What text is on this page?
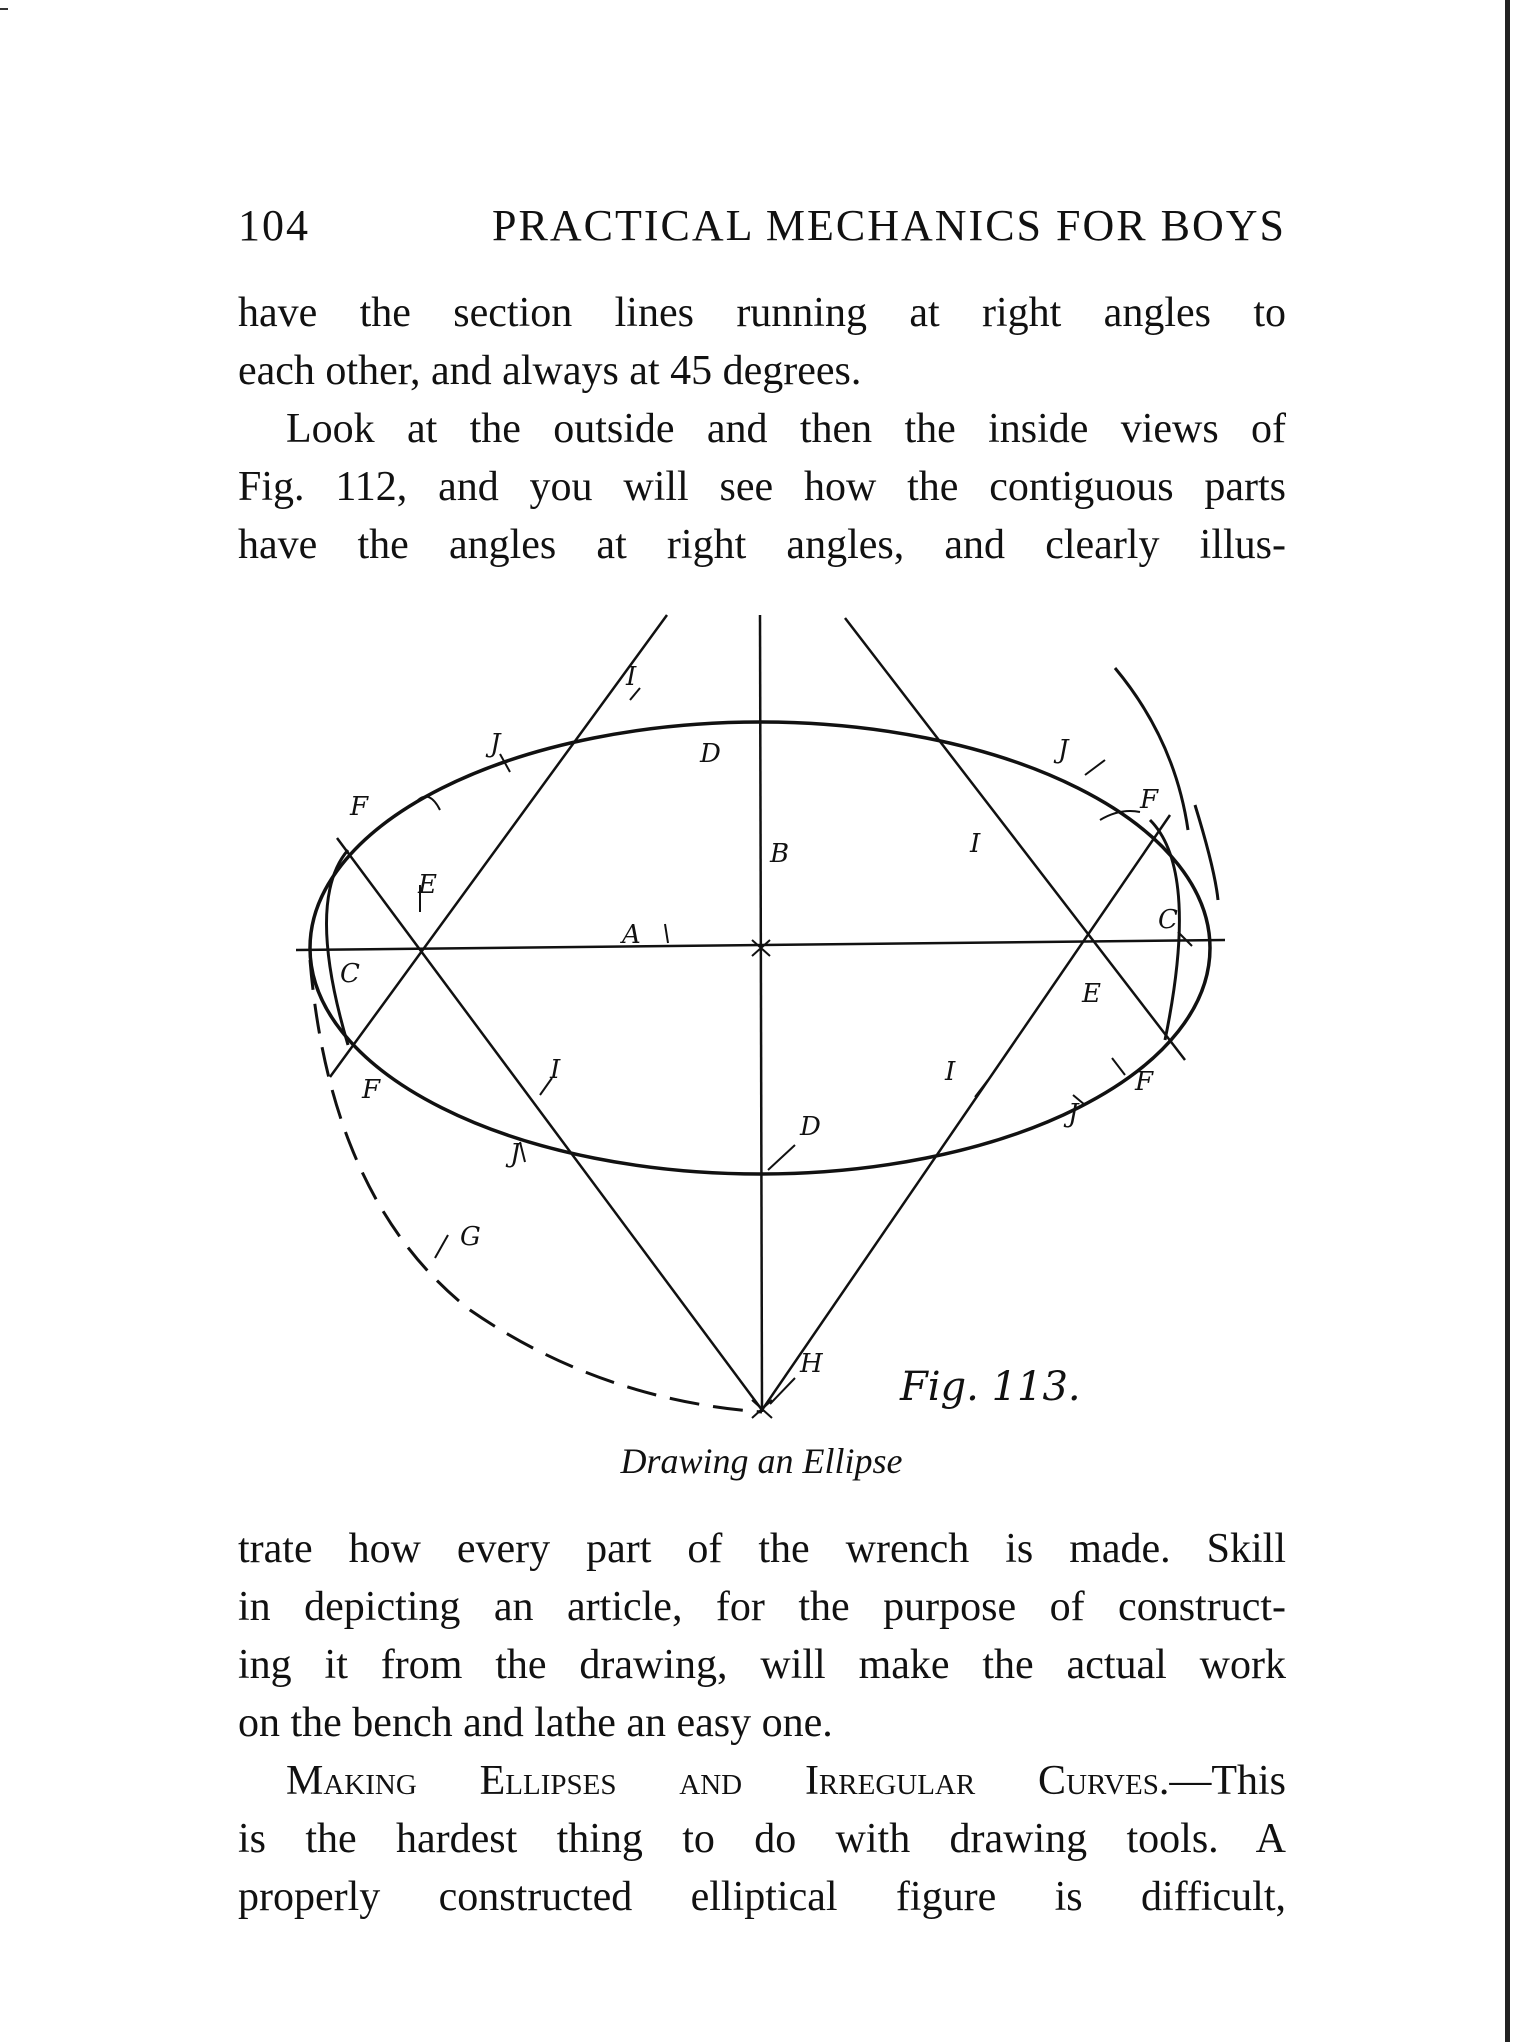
104	PRACTICAL MECHANICS FOR BOYS

have the section lines running at right angles to

each other, and always at 45 degrees.

Look at the outside and then the inside views of

Fig. 112, and you will see how the contiguous parts

have the angles at right angles, and clearly illus-

I
J	D	J
F	F
B	I
E
C
A
C
E
I	I
F	F
J
D
J
G
H Fig. 113.
Drawing an Ellipse

trate how every part of the wrench is made. Skill

in depicting an article, for the purpose of construct-

ing it from the drawing, will make the actual work

on the bench and lathe an easy one.

Making Ellipses and Irregular Curves.—This

is the hardest thing to do with drawing tools. A

properly constructed elliptical figure is difficult,
